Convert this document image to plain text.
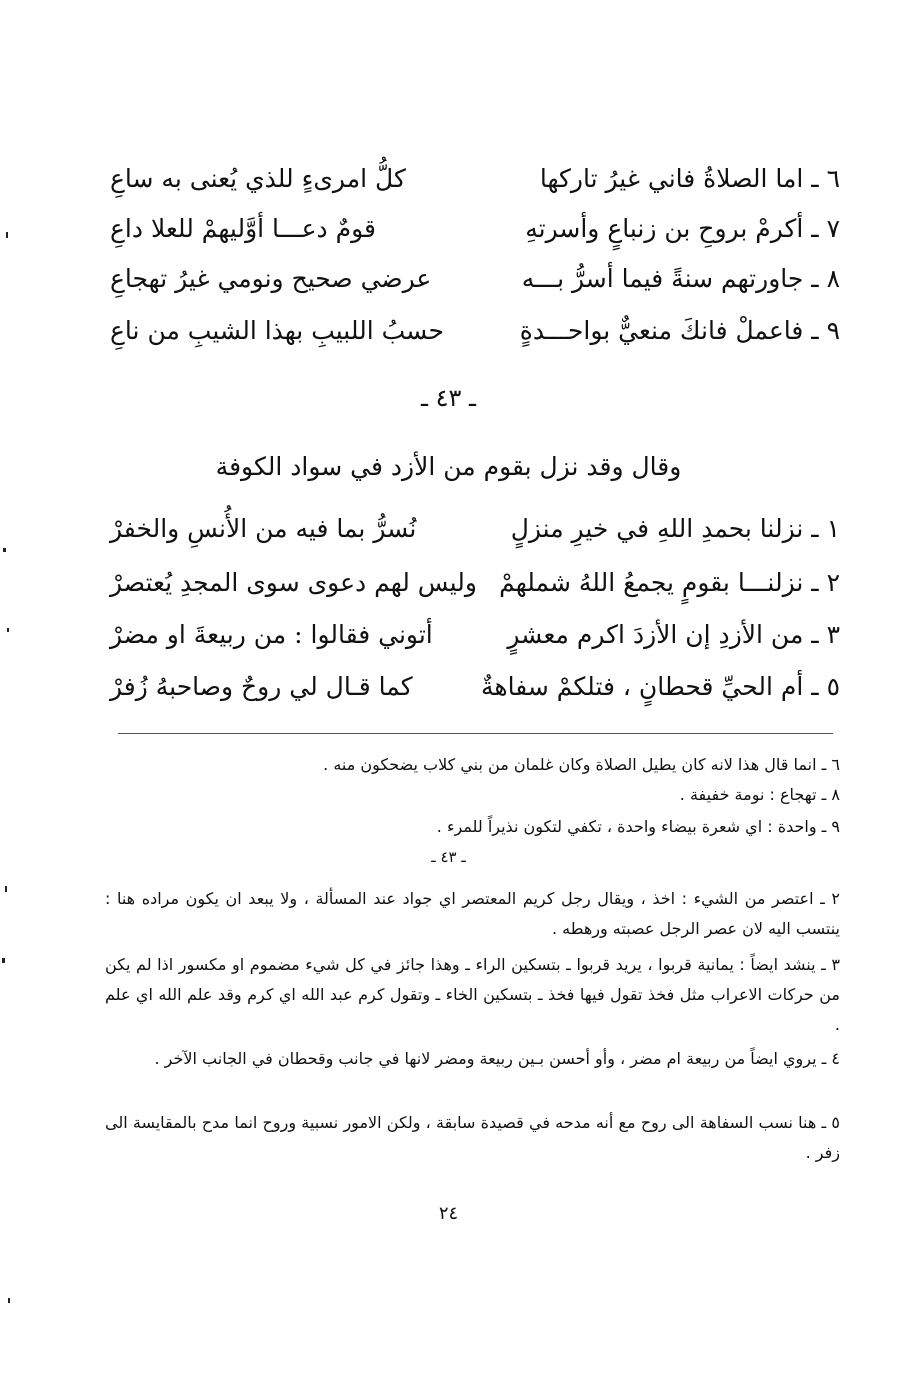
٦ ـ اما الصلاةُ فاني غيرُ تاركها
كلُّ امرىءٍ للذي يُعنى به ساعِ
٧ ـ أكرمْ بروحِ بن زنباعٍ وأسرتهِ
قومٌ دعـــا أوَّليهمْ للعلا داعِ
٨ ـ جاورتهم سنةً فيما أسرُّ بـــه
عرضي صحيح ونومي غيرُ تهجاعِ
٩ ـ فاعملْ فانكَ منعيٌّ بواحـــدةٍ
حسبُ اللبيبِ بهذا الشيبِ من ناعِ
ـ ٤٣ ـ
وقال وقد نزل بقوم من الأزد في سواد الكوفة
١ ـ نزلنا بحمدِ اللهِ في خيرِ منزلٍ
نُسرُّ بما فيه من الأُنسِ والخفرْ
٢ ـ نزلنـــا بقومٍ يجمعُ اللهُ شملهمْ
وليس لهم دعوى سوى المجدِ يُعتصرْ
٣ ـ من الأزدِ إن الأزدَ اكرم معشرٍ
أتوني فقالوا : من ربيعةَ او مضرْ
٥ ـ أم الحيِّ قحطانٍ ، فتلكمْ سفاهةٌ
كما قـال لي روحٌ وصاحبهُ زُفرْ
٦ ـ انما قال هذا لانه كان يطيل الصلاة وكان غلمان من بني كلاب يضحكون منه .
٨ ـ تهجاع : نومة خفيفة .
٩ ـ واحدة : اي شعرة بيضاء واحدة ، تكفي لتكون نذيراً للمرء .
ـ ٤٣ ـ
٢ ـ اعتصر من الشيء : اخذ ، ويقال رجل كريم المعتصر اي جواد عند المسألة ، ولا يبعد ان يكون مراده هنا : ينتسب اليه لان عصر الرجل عصبته ورهطه .
٣ ـ ينشد ايضاً : يمانية قربوا ، يريد قربوا ـ بتسكين الراء ـ وهذا جائز في كل شيء مضموم او مكسور اذا لم يكن من حركات الاعراب مثل فخذ تقول فيها فخذ ـ بتسكين الخاء ـ وتقول كرم عبد الله اي كرم وقد علم الله اي علم .
٤ ـ يروي ايضاً من ربيعة ام مضر ، وأو أحسن بـين ربيعة ومضر لانها في جانب وقحطان في الجانب الآخر .
٥ ـ هنا نسب السفاهة الى روح مع أنه مدحه في قصيدة سابقة ، ولكن الامور نسبية وروح انما مدح بالمقايسة الى زفر .
٢٤
